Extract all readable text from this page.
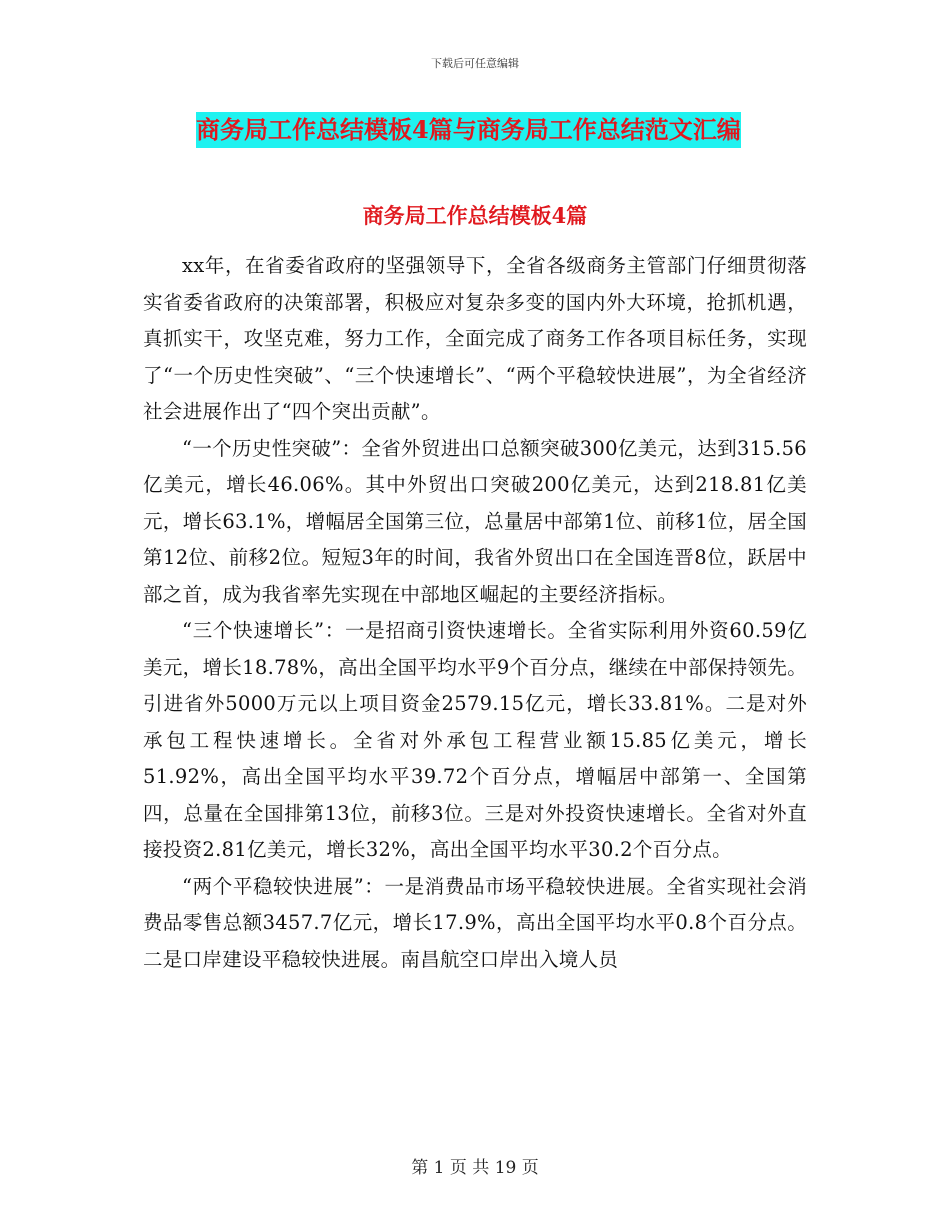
下载后可任意编辑
商务局工作总结模板4篇与商务局工作总结范文汇编
商务局工作总结模板4篇

xx年，在省委省政府的坚强领导下，全省各级商务主管部门仔细贯彻落实省委省政府的决策部署，积极应对复杂多变的国内外大环境，抢抓机遇，真抓实干，攻坚克难，努力工作，全面完成了商务工作各项目标任务，实现了“一个历史性突破”、“三个快速增长”、“两个平稳较快进展”，为全省经济社会进展作出了“四个突出贡献”。

“一个历史性突破”：全省外贸进出口总额突破300亿美元，达到315.56亿美元，增长46.06%。其中外贸出口突破200亿美元，达到218.81亿美元，增长63.1%，增幅居全国第三位，总量居中部第1位、前移1位，居全国第12位、前移2位。短短3年的时间，我省外贸出口在全国连晋8位，跃居中部之首，成为我省率先实现在中部地区崛起的主要经济指标。

“三个快速增长”：一是招商引资快速增长。全省实际利用外资60.59亿美元，增长18.78%，高出全国平均水平9个百分点，继续在中部保持领先。引进省外5000万元以上项目资金2579.15亿元，增长33.81%。二是对外承包工程快速增长。全省对外承包工程营业额15.85亿美元，增长51.92%，高出全国平均水平39.72个百分点，增幅居中部第一、全国第四，总量在全国排第13位，前移3位。三是对外投资快速增长。全省对外直接投资2.81亿美元，增长32%，高出全国平均水平30.2个百分点。

“两个平稳较快进展”：一是消费品市场平稳较快进展。全省实现社会消费品零售总额3457.7亿元，增长17.9%，高出全国平均水平0.8个百分点。二是口岸建设平稳较快进展。南昌航空口岸出入境人员

第 1 页 共 19 页
